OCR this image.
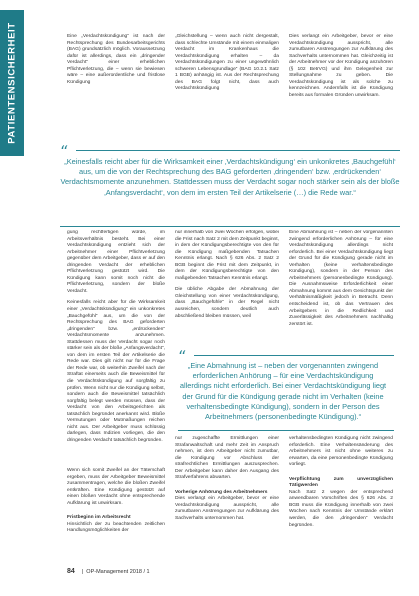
PATIENTENSICHERHEIT	Eine „Verdachtskündigung“ ist nach der Rechtsprechung des Bundesarbeitsgerichts (BAG) grundsätzlich möglich. Voraussetzung dafür ist allerdings, dass ein „dringender Verdacht“ einer erheblichen Pflichtverletzung, die – wenn sie bewiesen wäre – eine außerordentliche und fristlose Kündigung

„Gleichstellung – wenn auch nicht dergestalt, dass schlechte Umstände mit einem einmaligen Verdacht im Krankenhaus die Verdachtskündigung erhalten – da Verdachtskündigungen zu einer ungewöhnlich schweren Lebensgrundlage“ (BAG 10.2.1 Satz 1 BGB) anhängig ist. Aus der Rechtsprechung des BAG folgt nicht, dass auch Verdachtskündigung

Dies verlangt ein Arbeitgeber, bevor er eine Verdachtskündigung ausspricht, alle zumutbaren Anstrengungen zur Aufklärung des Sachverhalts unternommen hat. Gleichzeitig ist der Arbeitnehmer vor der Kündigung anzuhören (§ 102 BetrVG) und ihm Gelegenheit zur Stellungnahme zu geben. Die Verdachtskündigung ist als solche zu kennzeichnen. Andernfalls ist die Kündigung bereits aus formalen Gründen unwirksam.

“
„Keinesfalls reicht aber für die Wirksamkeit einer ‚Verdachtskündigung‘ ein unkonkretes ‚Bauchgefühl‘ aus, um die von der Rechtsprechung des BAG geforderten ‚dringenden‘ bzw. ‚erdrückenden‘ Verdachtsmomente anzunehmen. Stattdessen muss der Verdacht sogar noch stärker sein als der bloße ‚Anfangsverdacht‘, von dem im ersten Teil der Artikelserie (…) die Rede war.“

gung rechtfertigen würde, im Arbeitsverhältnis besteht. Bei einer Verdachtskündigung entzieht sich der Arbeitnehmer einer Pflichtverletzung gegenüber dem Arbeitgeber, dass er auf den dringenden Verdacht der erheblichen Pflichtverletzung gestützt wird. Die Kündigung kann somit noch nicht die Pflichtverletzung, sondern der bloße Verdacht.

Keinesfalls reicht aber für die Wirksamkeit einer „Verdachtskündigung“ ein unkonkretes „Bauchgefühl“ aus, um die von der Rechtsprechung des BAG geforderten „dringenden“ bzw. „erdrückenden“ Verdachtsmomente anzunehmen. Stattdessen muss der Verdacht sogar noch stärker sein als der bloße „Anfangsverdacht“, von dem im ersten Teil der Artikelserie die Rede war. Dies gilt nicht nur für die Frage der Rede war, ob weiterhin Zweifel nach der Straftat einerseits auch die Beweismittel für die Verdachtskündigung auf sorgfältig zu prüfen. Wenn nicht nur die Kündigung selbst, sondern auch die Beweismittel tatsächlich sorgfältig belegt werden müssen, dass der Verdacht von den Arbeitsgerichten als tatsächlich begründet anerkannt wird. Bloße Vermutungen oder Mutmaßungen reichen nicht aus. Der Arbeitgeber muss schlüssig darlegen, dass Indizien vorliegen, die den dringenden Verdacht tatsächlich begründen.

nur innerhalb von zwei Wochen erfolgen, wobei die Frist nach Satz 2 mit dem Zeitpunkt beginnt, in dem der Kündigungsberechtigte von den für die Kündigung maßgebenden Tatsachen Kenntnis erlangt. Nach § 626 Abs. 2 Satz 2 BGB beginnt die Frist mit dem Zeitpunkt, in dem der Kündigungsberechtigte von den maßgebenden Tatsachen Kenntnis erlangt.

Die übliche Abgabe der Abmahnung der Gleichstellung von einer Verdachtskündigung, dass „Bauchgefühle“ in der Regel nicht ausreichen, sondern deutlich auch abschließend bleiben müssen, weil

Eine Abmahnung ist – neben der vorgenannten zwingend erforderlichen Anhörung – für eine Verdachtskündigung allerdings nicht erforderlich. Bei einer Verdachtskündigung liegt der Grund für die Kündigung gerade nicht im Verhalten (keine verhaltensbedingte Kündigung), sondern in der Person des Arbeitnehmers (personenbedingte Kündigung). Die Ausnahmsweise Erforderlichkeit einer Abmahnung kommt aus dem Gesichtspunkt der Verhältnismäßigkeit jedoch in Betracht. Denn entscheidend ist, ob das Vertrauen des Arbeitgebers in die Redlichkeit und Zuverlässigkeit des Arbeitnehmers nachhaltig zerstört ist.

“ „Eine Abmahnung ist – neben der vorgenannten zwingend erforderlichen Anhörung – für eine Verdachtskündigung allerdings nicht erforderlich. Bei einer Verdachtskündigung liegt der Grund für die Kündigung gerade nicht im Verhalten (keine verhaltensbedingte Kündigung), sondern in der Person des Arbeitnehmers (personenbedingte Kündigung).“

Wenn sich somit Zweifel an der Täterschaft ergeben, muss der Arbeitgeber Beweismittel zusammentragen, welche die bloßen Zweifel entkräften. Eine Kündigung gestützt auf einen bloßen Verdacht ohne entsprechende Aufklärung ist unwirksam.

Fristbeginn im Arbeitsrecht

Hinsichtlich der zu beachtenden zeitlichen Handlungsmöglichkeiten der

nur zugeschaffte Ermittlungen einer Strafanwaltschaft und mehr Zeit im Anspruch nehmen, ist dem Arbeitgeber nicht zumutbar, die Kündigung vor Abschluss der strafrechtlichen Ermittlungen auszusprechen. Der Arbeitgeber kann daher den Ausgang des Strafverfahrens abwarten.

Vorherige Anhörung des Arbeitnehmers

Dies verlangt ein Arbeitgeber, bevor er eine Verdachtskündigung ausspricht, alle zumutbaren Anstrengungen zur Aufklärung des Sachverhalts unternommen hat.

verhaltensbedingten Kündigung nicht zwingend erforderlich. Eine Verhaltensänderung des Arbeitnehmers ist nicht ohne weiteres zu erwarten, da eine personenbedingte Kündigung vorliegt.

Verpflichtung zum unverzüglichen Tätigwerden

Nach Satz 2 wegen der entsprechend anwendbaren Vorschriften des § 626 Abs. 2 BGB muss die Kündigung innerhalb von zwei Wochen nach Kenntnis der Umstände erklärt werden, die den „dringenden“ Verdacht begründen.

84 |  OP-Management 2018 / 1
